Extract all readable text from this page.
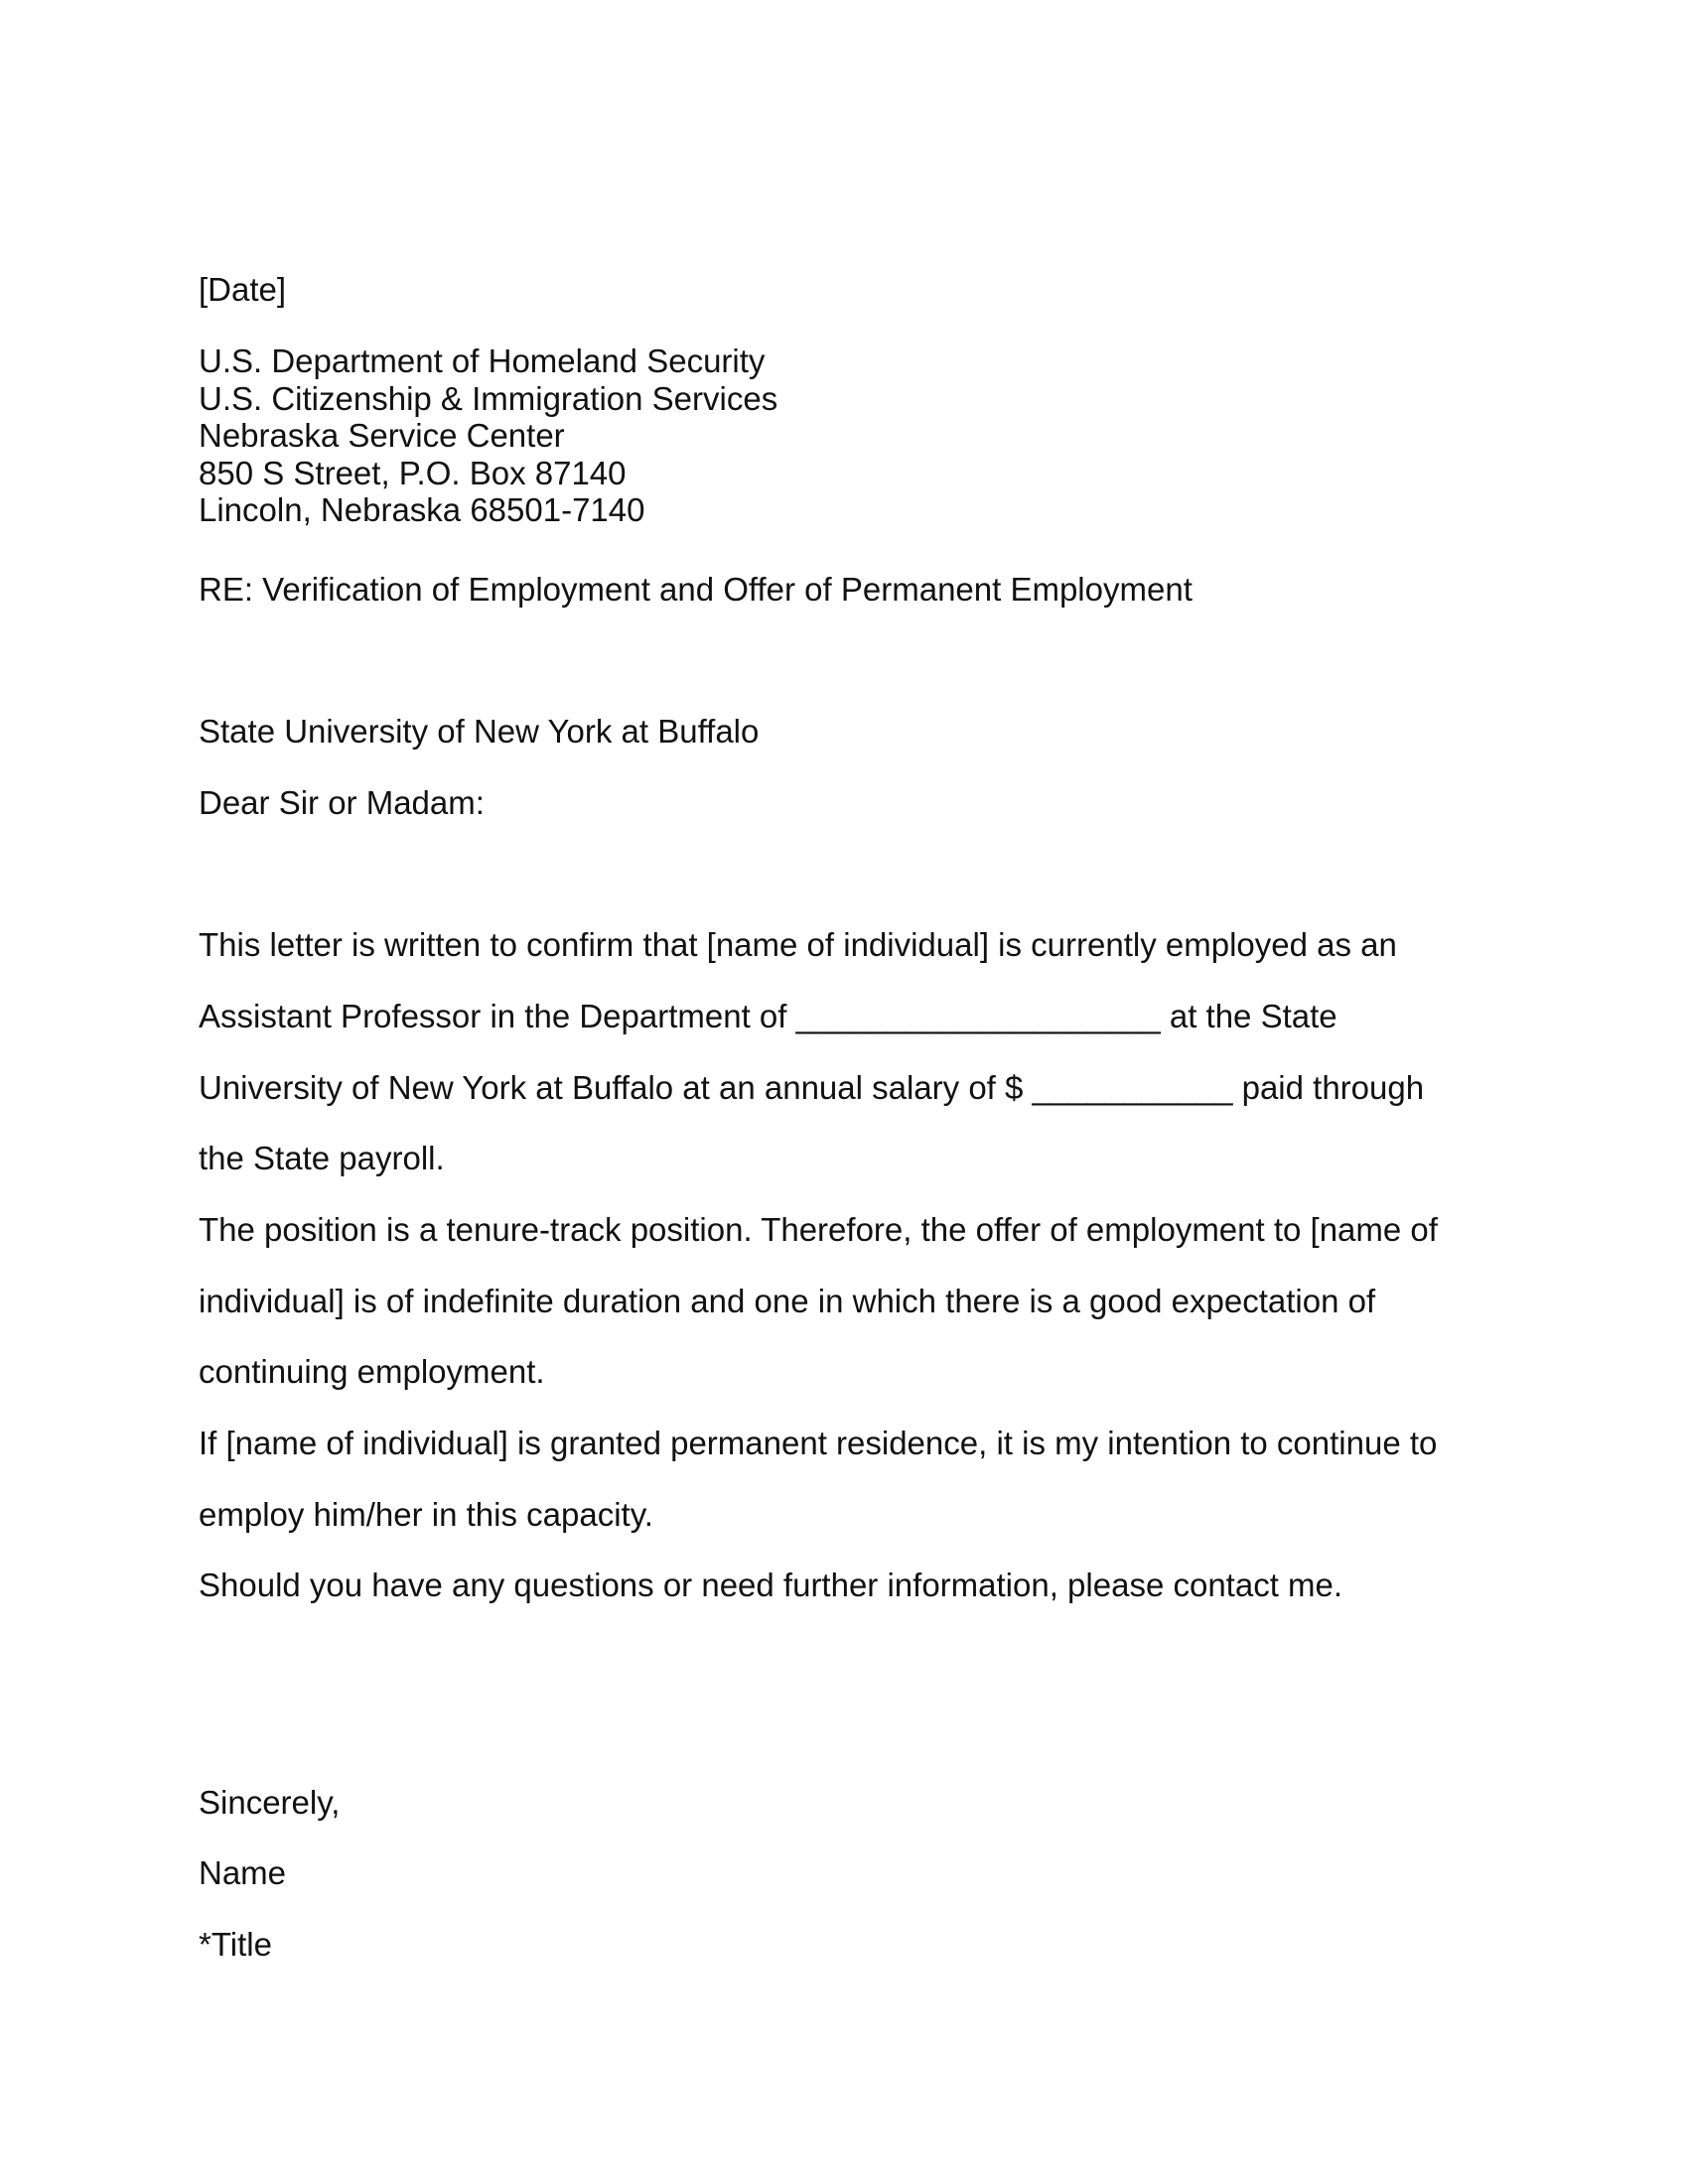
[Date]

U.S. Department of Homeland Security

U.S. Citizenship & Immigration Services

Nebraska Service Center

850 S Street, P.O. Box 87140

Lincoln, Nebraska 68501-7140

RE: Verification of Employment and Offer of Permanent Employment

State University of New York at Buffalo

Dear Sir or Madam:

This letter is written to confirm that [name of individual] is currently employed as an

Assistant Professor in the Department of ____________________ at the State

University of New York at Buffalo at an annual salary of $ ___________ paid through

the State payroll.

The position is a tenure-track position. Therefore, the offer of employment to [name of

individual] is of indefinite duration and one in which there is a good expectation of

continuing employment.

If [name of individual] is granted permanent residence, it is my intention to continue to

employ him/her in this capacity.

Should you have any questions or need further information, please contact me.

Sincerely,

Name

*Title
